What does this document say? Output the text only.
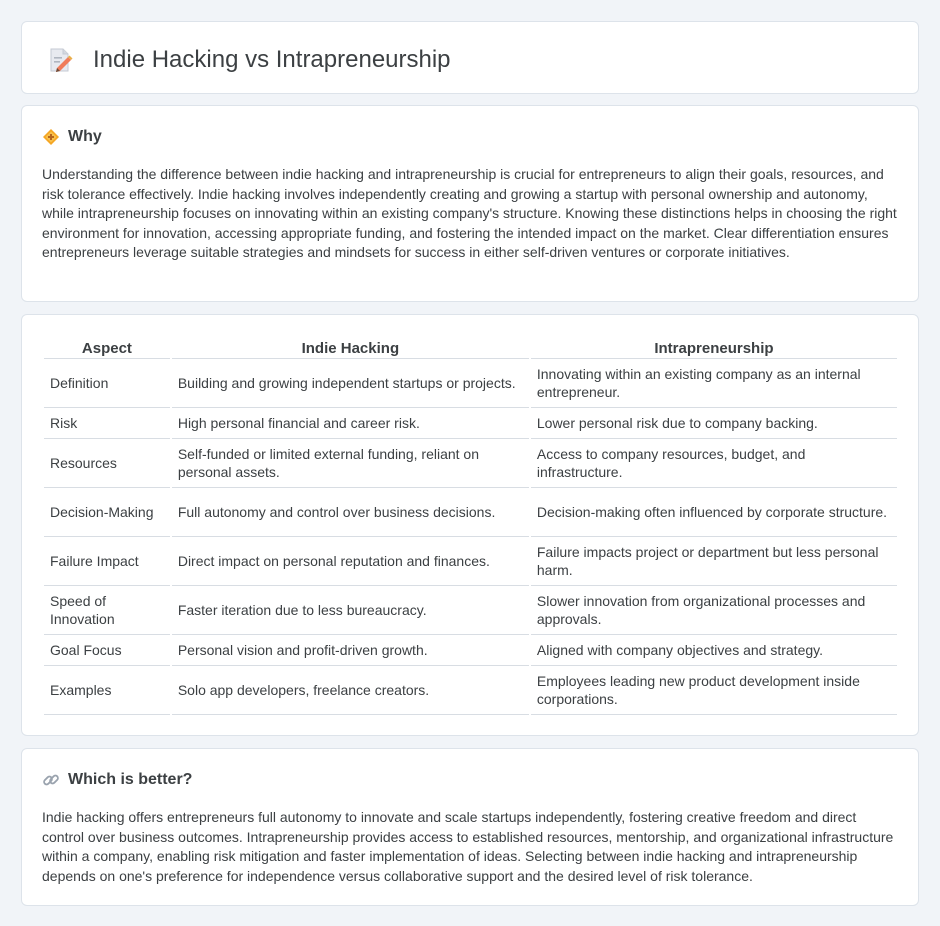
Indie Hacking vs Intrapreneurship
Why

Understanding the difference between indie hacking and intrapreneurship is crucial for entrepreneurs to align their goals, resources, and risk tolerance effectively. Indie hacking involves independently creating and growing a startup with personal ownership and autonomy, while intrapreneurship focuses on innovating within an existing company's structure. Knowing these distinctions helps in choosing the right environment for innovation, accessing appropriate funding, and fostering the intended impact on the market. Clear differentiation ensures entrepreneurs leverage suitable strategies and mindsets for success in either self-driven ventures or corporate initiatives.

Aspect	Indie Hacking	Intrapreneurship
Definition	Building and growing independent startups or projects.	Innovating within an existing company as an internal entrepreneur.
Risk	High personal financial and career risk.	Lower personal risk due to company backing.
Resources	Self-funded or limited external funding, reliant on personal assets.	Access to company resources, budget, and infrastructure.
Decision-Making	Full autonomy and control over business decisions.	Decision-making often influenced by corporate structure.
Failure Impact	Direct impact on personal reputation and finances.	Failure impacts project or department but less personal harm.
Speed of Innovation	Faster iteration due to less bureaucracy.	Slower innovation from organizational processes and approvals.
Goal Focus	Personal vision and profit-driven growth.	Aligned with company objectives and strategy.
Examples	Solo app developers, freelance creators.	Employees leading new product development inside corporations.
Which is better?

Indie hacking offers entrepreneurs full autonomy to innovate and scale startups independently, fostering creative freedom and direct control over business outcomes. Intrapreneurship provides access to established resources, mentorship, and organizational infrastructure within a company, enabling risk mitigation and faster implementation of ideas. Selecting between indie hacking and intrapreneurship depends on one's preference for independence versus collaborative support and the desired level of risk tolerance.
